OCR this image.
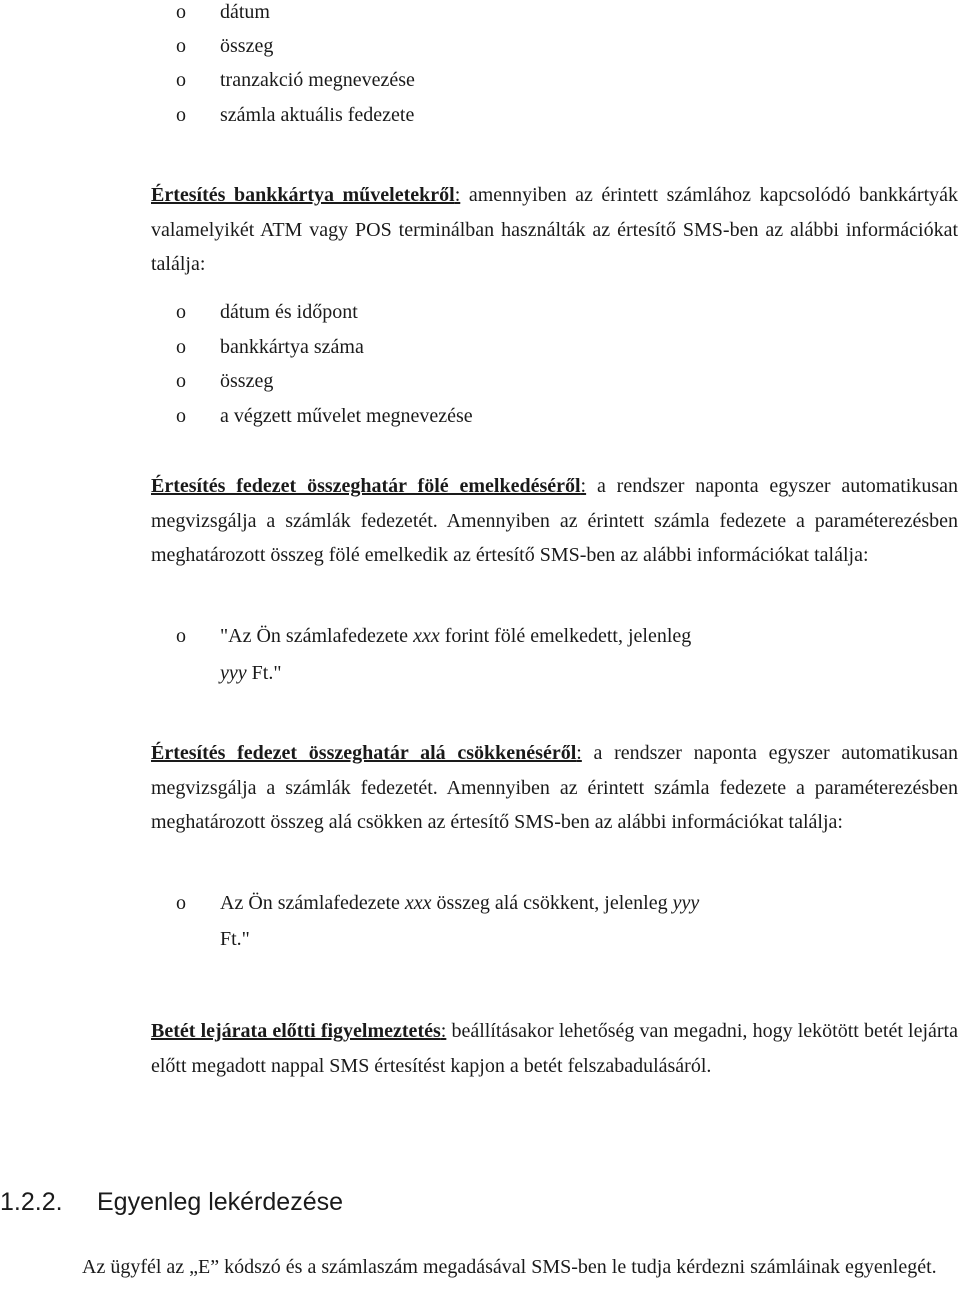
o dátum
o összeg
o tranzakció megnevezése
o számla aktuális fedezete
Értesítés bankkártya műveletekről: amennyiben az érintett számlához kapcsolódó bankkártyák valamelyikét ATM vagy POS terminálban használták az értesítő SMS-ben az alábbi információkat találja:
o dátum és időpont
o bankkártya száma
o összeg
o a végzett művelet megnevezése
Értesítés fedezet összeghatár fölé emelkedéséről: a rendszer naponta egyszer automatikusan megvizsgálja a számlák fedezetét. Amennyiben az érintett számla fedezete a paraméterezésben meghatározott összeg fölé emelkedik az értesítő SMS-ben az alábbi információkat találja:
o "Az Ön számlafedezete xxx forint fölé emelkedett, jelenleg
yyy Ft."
Értesítés fedezet összeghatár alá csökkenéséről: a rendszer naponta egyszer automatikusan megvizsgálja a számlák fedezetét. Amennyiben az érintett számla fedezete a paraméterezésben meghatározott összeg alá csökken az értesítő SMS-ben az alábbi információkat találja:
o Az Ön számlafedezete xxx összeg alá csökkent, jelenleg yyy
Ft."
Betét lejárata előtti figyelmeztetés: beállításakor lehetőség van megadni, hogy lekötött betét lejárta előtt megadott nappal SMS értesítést kapjon a betét felszabadulásáról.
1.2.2. Egyenleg lekérdezése
Az ügyfél az „E” kódszó és a számlaszám megadásával SMS-ben le tudja kérdezni számláinak egyenlegét.
